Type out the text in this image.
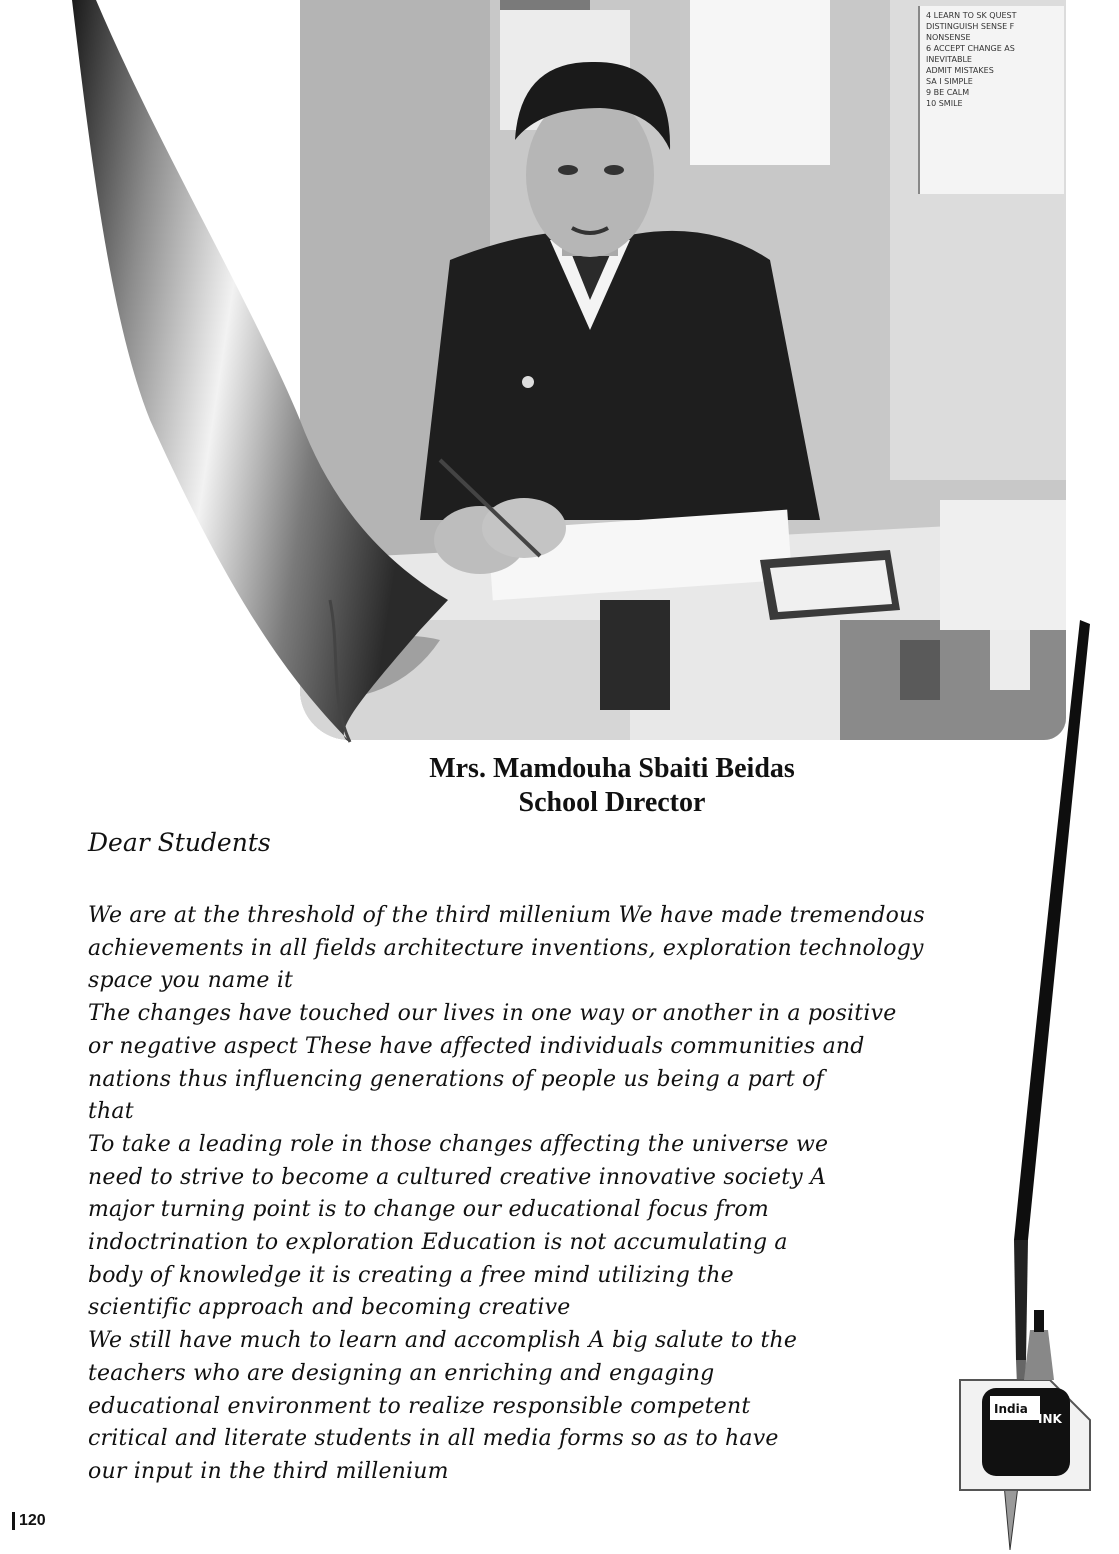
4 LEARN TO SK QUEST
DISTINGUISH SENSE F
NONSENSE
6 ACCEPT CHANGE AS
INEVITABLE
ADMIT MISTAKES
SA I SIMPLE
9 BE CALM
10 SMILE
Mrs. Mamdouha Sbaiti Beidas
School Dırector
Dear Students
We are at the threshold of the third millenium We have made tremendous
achievements in all fields architecture inventions, exploration technology
space you name it
The changes have touched our lives in one way or another in a positive
or negative aspect These have affected individuals communities and
nations thus influencing generations of people us being a part of
that
To take a leading role in those changes affecting the universe we
need to strive to become a cultured creative innovative society A
major turning point is to change our educational focus from
indoctrination to exploration Education is not accumulating a
body of knowledge it is creating a free mind utilizing the
scientific approach and becoming creative
We still have much to learn and accomplish A big salute to the
teachers who are designing an enriching and engaging
educational environment to realize responsible competent
critical and literate students in all media forms so as to have
our input in the third millenium
India
INK
120
